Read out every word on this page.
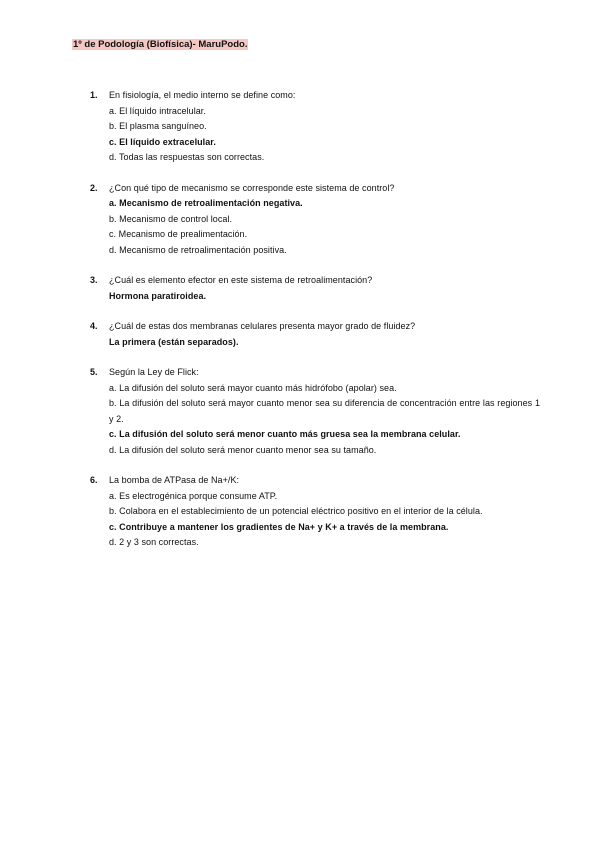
1º de Podología (Biofísica)- MaruPodo.
1. En fisiología, el medio interno se define como:
a. El líquido intracelular.
b. El plasma sanguíneo.
c. El líquido extracelular.
d. Todas las respuestas son correctas.
2. ¿Con qué tipo de mecanismo se corresponde este sistema de control?
a. Mecanismo de retroalimentación negativa.
b. Mecanismo de control local.
c. Mecanismo de prealimentación.
d. Mecanismo de retroalimentación positiva.
3. ¿Cuál es elemento efector en este sistema de retroalimentación?
Hormona paratiroidea.
4. ¿Cuál de estas dos membranas celulares presenta mayor grado de fluidez?
La primera (están separados).
5. Según la Ley de Flick:
a. La difusión del soluto será mayor cuanto más hidrófobo (apolar) sea.
b. La difusión del soluto será mayor cuanto menor sea su diferencia de concentración entre las regiones 1 y 2.
c. La difusión del soluto será menor cuanto más gruesa sea la membrana celular.
d. La difusión del soluto será menor cuanto menor sea su tamaño.
6. La bomba de ATPasa de Na+/K:
a. Es electrogénica porque consume ATP.
b. Colabora en el establecimiento de un potencial eléctrico positivo en el interior de la célula.
c. Contribuye a mantener los gradientes de Na+ y K+ a través de la membrana.
d. 2 y 3 son correctas.
